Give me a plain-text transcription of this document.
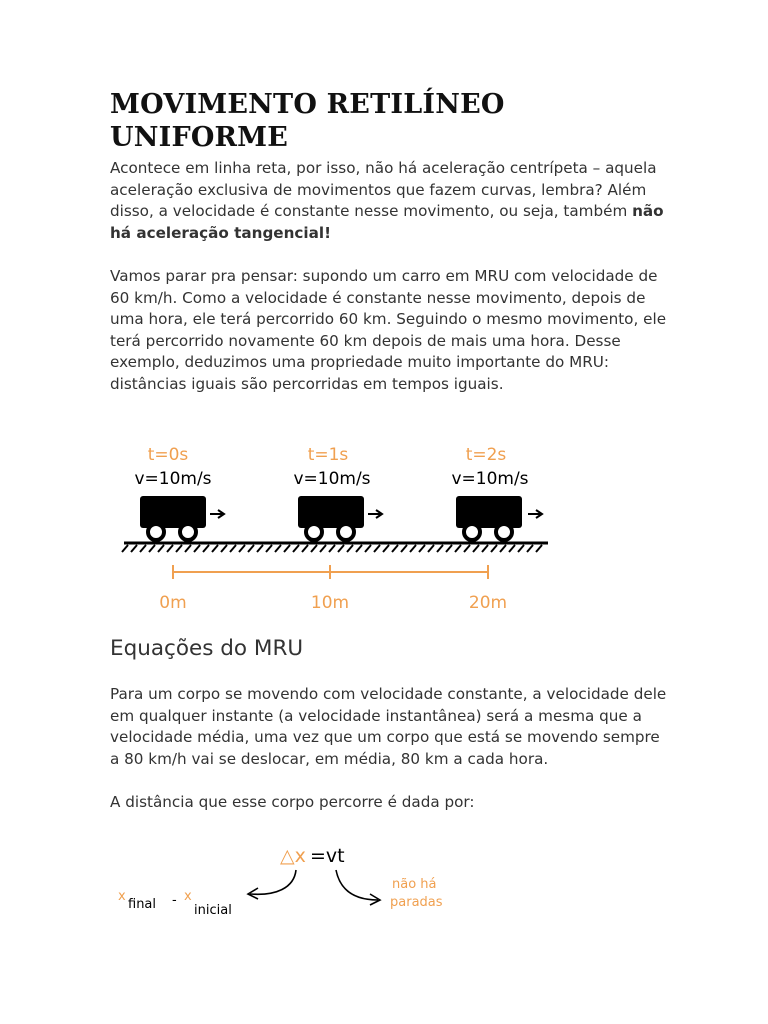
MOVIMENTO RETILÍNEO UNIFORME

Acontece em linha reta, por isso, não há aceleração centrípeta – aquela aceleração exclusiva de movimentos que fazem curvas, lembra? Além disso, a velocidade é constante nesse movimento, ou seja, também não há aceleração tangencial!

Vamos parar pra pensar: supondo um carro em MRU com velocidade de 60 km/h. Como a velocidade é constante nesse movimento, depois de uma hora, ele terá percorrido 60 km. Seguindo o mesmo movimento, ele terá percorrido novamente 60 km depois de mais uma hora. Desse exemplo, deduzimos uma propriedade muito importante do MRU: distâncias iguais são percorridas em tempos iguais.

t=0s
v=10m/s
t=1s
v=10m/s
t=2s
v=10m/s
0m	10m	20m
Equações do MRU

Para um corpo se movendo com velocidade constante, a velocidade dele em qualquer instante (a velocidade instantânea) será a mesma que a velocidade média, uma vez que um corpo que está se movendo sempre a 80 km/h vai se deslocar, em média, 80 km a cada hora.

A distância que esse corpo percorre é dada por:

△x =vt
x
final - x
inicial
não há
paradas
